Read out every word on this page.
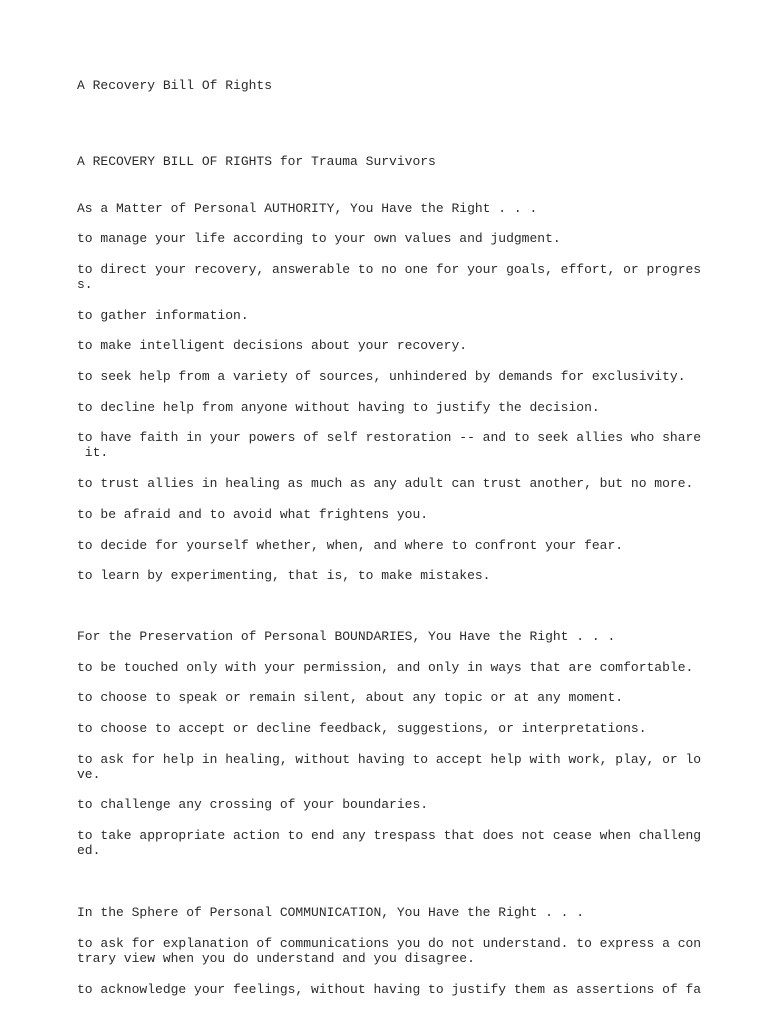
A Recovery Bill Of Rights

A RECOVERY BILL OF RIGHTS for Trauma Survivors

As a Matter of Personal AUTHORITY, You Have the Right . . .

to manage your life according to your own values and judgment.

to direct your recovery, answerable to no one for your goals, effort, or progres
s.

to gather information.

to make intelligent decisions about your recovery.

to seek help from a variety of sources, unhindered by demands for exclusivity.

to decline help from anyone without having to justify the decision.

to have faith in your powers of self restoration -- and to seek allies who share
it.

to trust allies in healing as much as any adult can trust another, but no more.

to be afraid and to avoid what frightens you.

to decide for yourself whether, when, and where to confront your fear.

to learn by experimenting, that is, to make mistakes.

For the Preservation of Personal BOUNDARIES, You Have the Right . . .

to be touched only with your permission, and only in ways that are comfortable.

to choose to speak or remain silent, about any topic or at any moment.

to choose to accept or decline feedback, suggestions, or interpretations.

to ask for help in healing, without having to accept help with work, play, or lo
ve.

to challenge any crossing of your boundaries.

to take appropriate action to end any trespass that does not cease when challeng
ed.

In the Sphere of Personal COMMUNICATION, You Have the Right . . .

to ask for explanation of communications you do not understand. to express a con
trary view when you do understand and you disagree.

to acknowledge your feelings, without having to justify them as assertions of fa
